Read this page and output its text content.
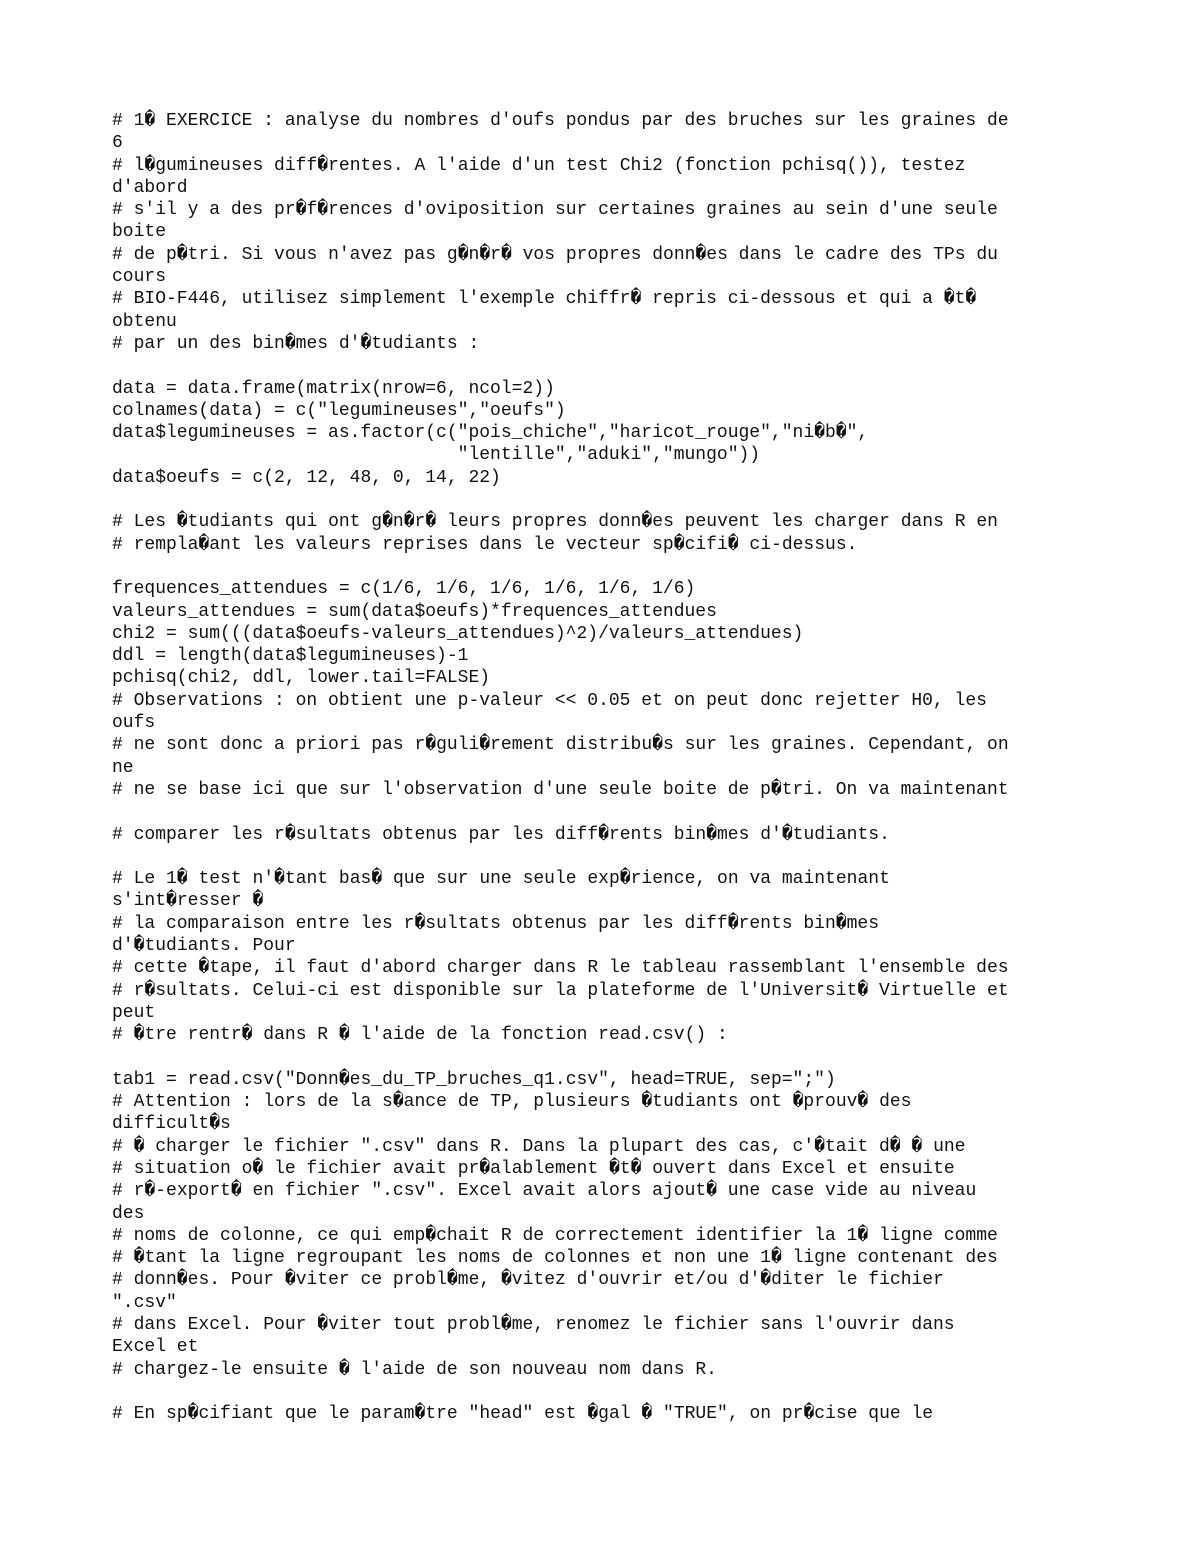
# 1� EXERCICE : analyse du nombres d'oufs pondus par des bruches sur les graines de
6
# l�gumineuses diff�rentes. A l'aide d'un test Chi2 (fonction pchisq()), testez
d'abord
# s'il y a des pr�f�rences d'oviposition sur certaines graines au sein d'une seule
boite
# de p�tri. Si vous n'avez pas g�n�r� vos propres donn�es dans le cadre des TPs du
cours
# BIO-F446, utilisez simplement l'exemple chiffr� repris ci-dessous et qui a �t�
obtenu
# par un des bin�mes d'�tudiants :
data = data.frame(matrix(nrow=6, ncol=2))
colnames(data) = c("legumineuses","oeufs")
data$legumineuses = as.factor(c("pois_chiche","haricot_rouge","ni�b�",
"lentille","aduki","mungo"))
data$oeufs = c(2, 12, 48, 0, 14, 22)
# Les �tudiants qui ont g�n�r� leurs propres donn�es peuvent les charger dans R en
# rempla�ant les valeurs reprises dans le vecteur sp�cifi� ci-dessus.
frequences_attendues = c(1/6, 1/6, 1/6, 1/6, 1/6, 1/6)
valeurs_attendues = sum(data$oeufs)*frequences_attendues
chi2 = sum(((data$oeufs-valeurs_attendues)^2)/valeurs_attendues)
ddl = length(data$legumineuses)-1
pchisq(chi2, ddl, lower.tail=FALSE)
# Observations : on obtient une p-valeur << 0.05 et on peut donc rejetter H0, les
oufs
# ne sont donc a priori pas r�guli�rement distribu�s sur les graines. Cependant, on
ne
# ne se base ici que sur l'observation d'une seule boite de p�tri. On va maintenant
# comparer les r�sultats obtenus par les diff�rents bin�mes d'�tudiants.
# Le 1� test n'�tant bas� que sur une seule exp�rience, on va maintenant
s'int�resser �
# la comparaison entre les r�sultats obtenus par les diff�rents bin�mes
d'�tudiants. Pour
# cette �tape, il faut d'abord charger dans R le tableau rassemblant l'ensemble des
# r�sultats. Celui-ci est disponible sur la plateforme de l'Universit� Virtuelle et
peut
# �tre rentr� dans R � l'aide de la fonction read.csv() :
tab1 = read.csv("Donn�es_du_TP_bruches_q1.csv", head=TRUE, sep=";")
# Attention : lors de la s�ance de TP, plusieurs �tudiants ont �prouv� des
difficult�s
# � charger le fichier ".csv" dans R. Dans la plupart des cas, c'�tait d� � une
# situation o� le fichier avait pr�alablement �t� ouvert dans Excel et ensuite
# r�-export� en fichier ".csv". Excel avait alors ajout� une case vide au niveau
des
# noms de colonne, ce qui emp�chait R de correctement identifier la 1� ligne comme
# �tant la ligne regroupant les noms de colonnes et non une 1� ligne contenant des
# donn�es. Pour �viter ce probl�me, �vitez d'ouvrir et/ou d'�diter le fichier
".csv"
# dans Excel. Pour �viter tout probl�me, renomez le fichier sans l'ouvrir dans
Excel et
# chargez-le ensuite � l'aide de son nouveau nom dans R.
# En sp�cifiant que le param�tre "head" est �gal � "TRUE", on pr�cise que le
